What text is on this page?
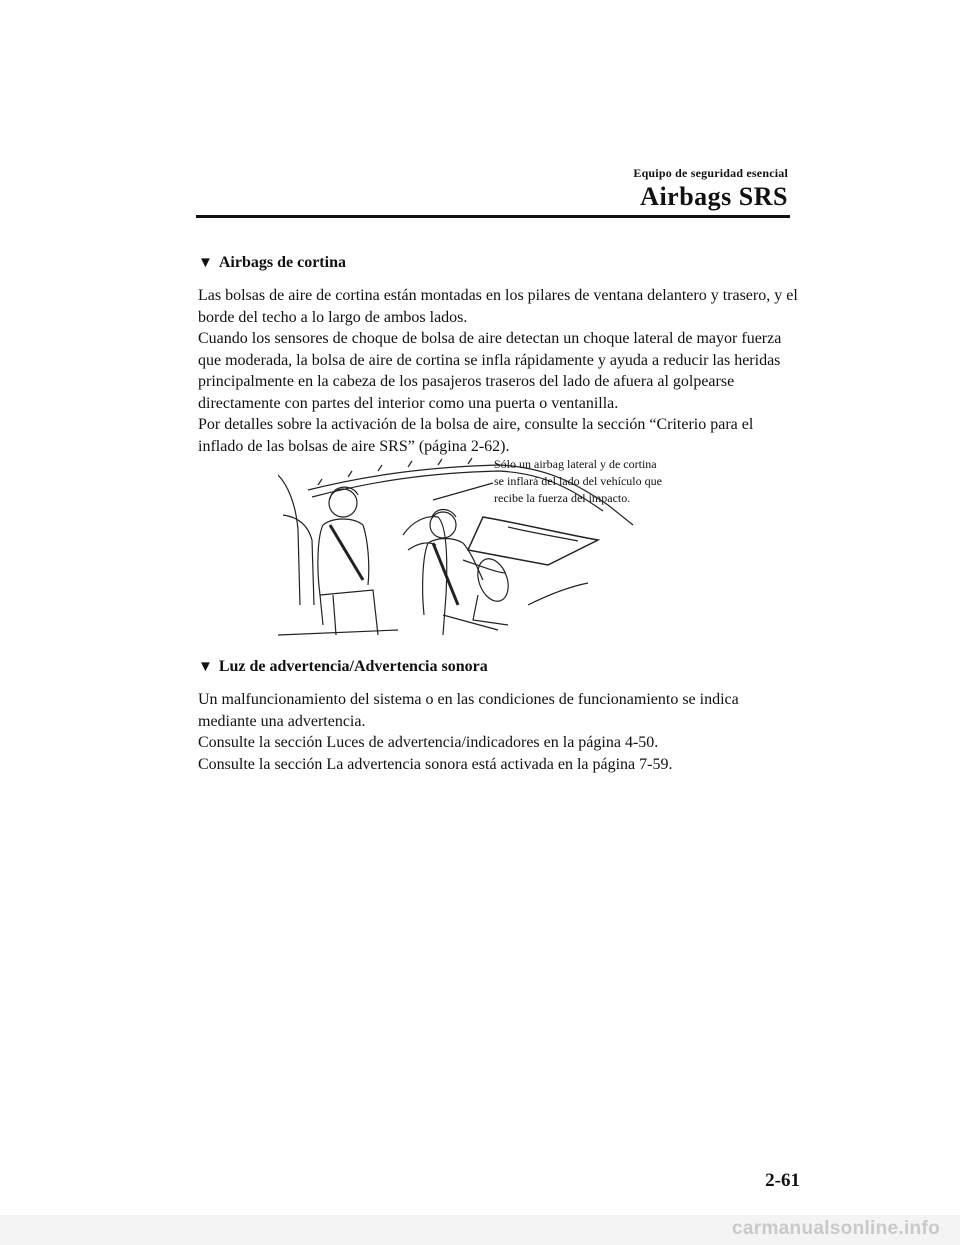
Equipo de seguridad esencial
Airbags SRS
▼ Airbags de cortina

Las bolsas de aire de cortina están montadas en los pilares de ventana delantero y trasero, y el borde del techo a lo largo de ambos lados.

Cuando los sensores de choque de bolsa de aire detectan un choque lateral de mayor fuerza que moderada, la bolsa de aire de cortina se infla rápidamente y ayuda a reducir las heridas principalmente en la cabeza de los pasajeros traseros del lado de afuera al golpearse directamente con partes del interior como una puerta o ventanilla.

Por detalles sobre la activación de la bolsa de aire, consulte la sección “Criterio para el inflado de las bolsas de aire SRS” (página 2-62).

Sólo un airbag lateral y de cortina

se inflará del lado del vehículo que

recibe la fuerza del impacto.

▼ Luz de advertencia/Advertencia sonora

Un malfuncionamiento del sistema o en las condiciones de funcionamiento se indica mediante una advertencia.

Consulte la sección Luces de advertencia/indicadores en la página 4-50.

Consulte la sección La advertencia sonora está activada en la página 7-59.

2-61
carmanualsonline.info
